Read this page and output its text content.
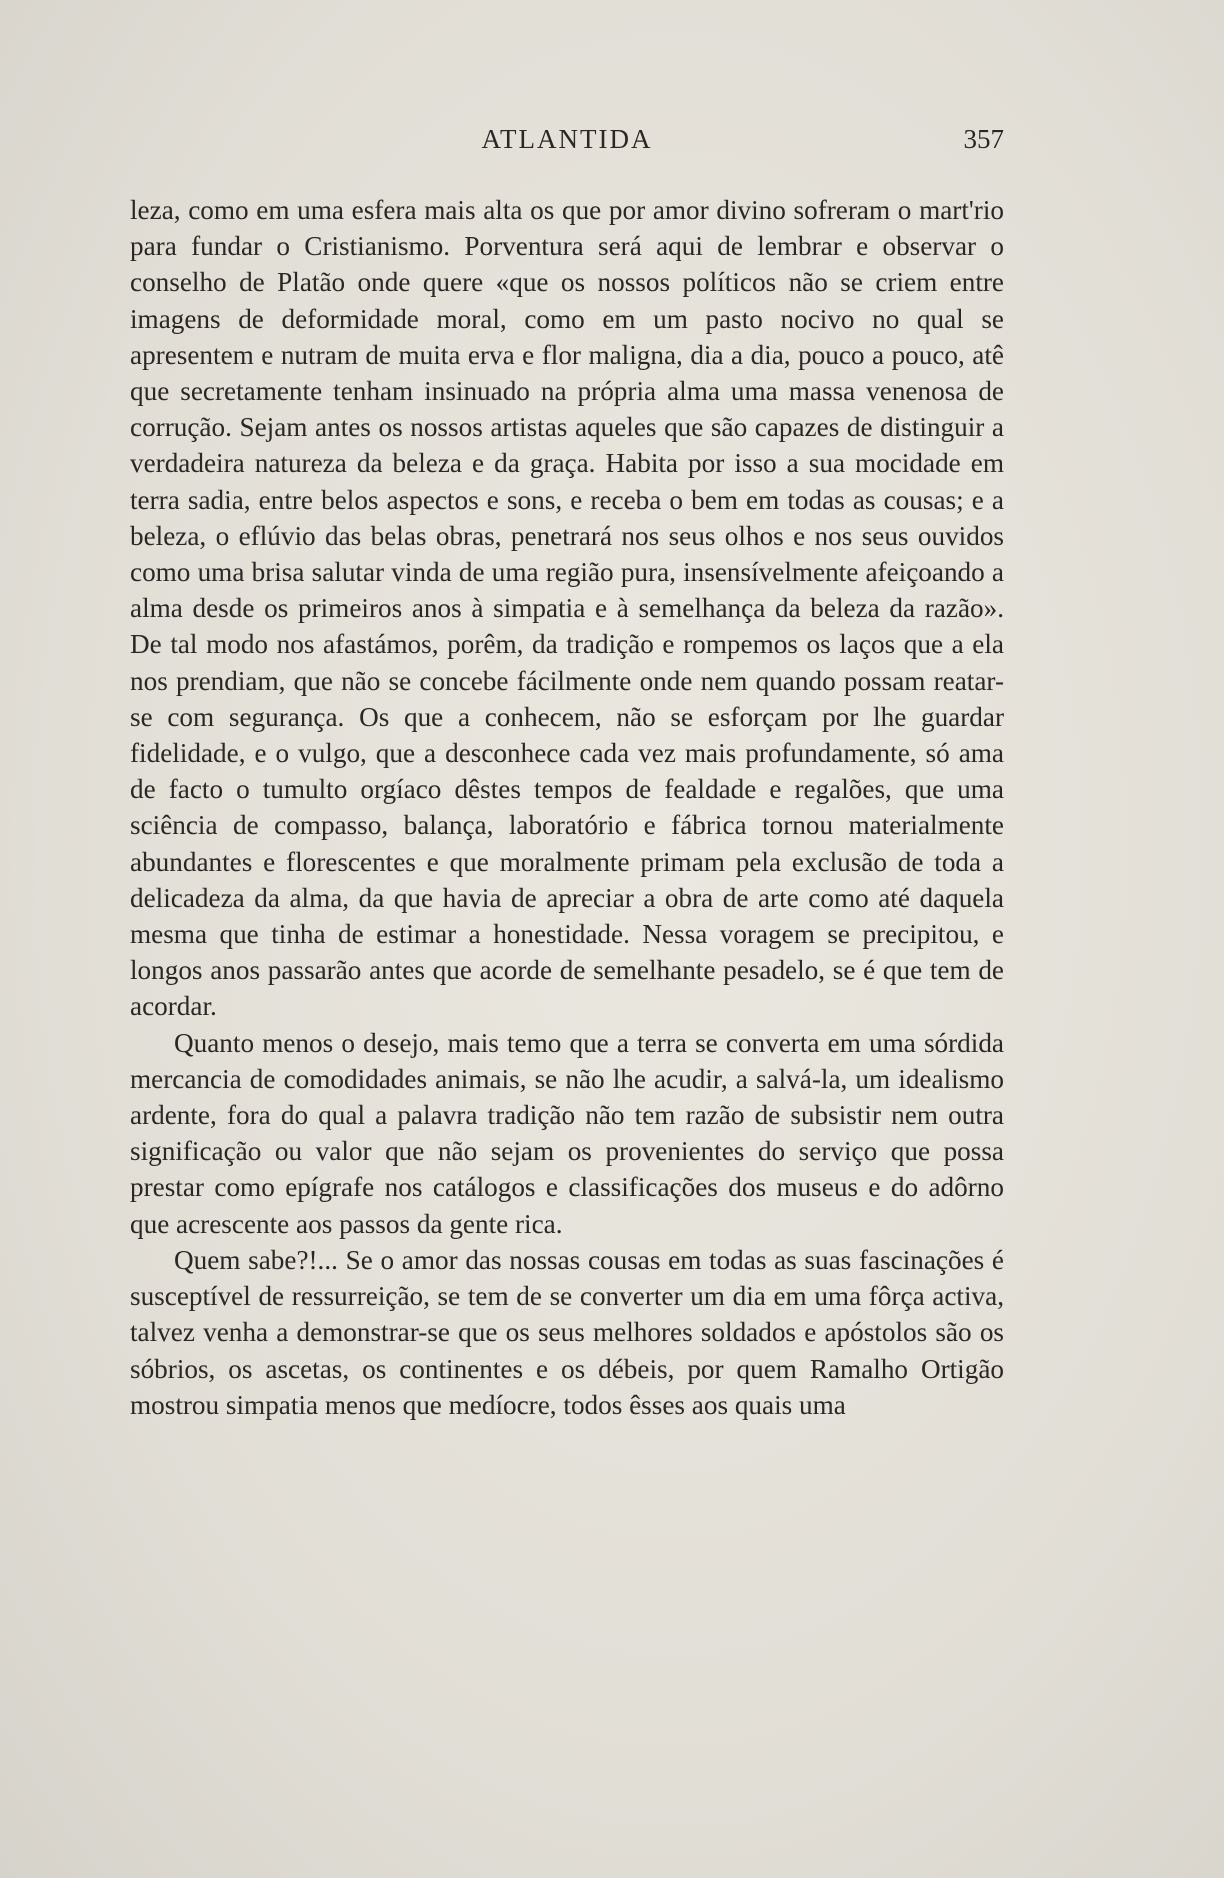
ATLANTIDA	357

leza, como em uma esfera mais alta os que por amor divino sofreram o mart'rio para fundar o Cristianismo. Porventura será aqui de lembrar e observar o conselho de Platão onde quere «que os nossos políticos não se criem entre imagens de deformidade moral, como em um pasto nocivo no qual se apresentem e nutram de muita erva e flor maligna, dia a dia, pouco a pouco, atê que secretamente tenham insinuado na própria alma uma massa venenosa de corrução. Sejam antes os nossos artistas aqueles que são capazes de distinguir a verdadeira natureza da beleza e da graça. Habita por isso a sua mocidade em terra sadia, entre belos aspectos e sons, e receba o bem em todas as cousas; e a beleza, o eflúvio das belas obras, penetrará nos seus olhos e nos seus ouvidos como uma brisa salutar vinda de uma região pura, insensívelmente afeiçoando a alma desde os primeiros anos à simpatia e à semelhança da beleza da razão». De tal modo nos afastámos, porêm, da tradição e rompemos os laços que a ela nos prendiam, que não se concebe fácilmente onde nem quando possam reatar-se com segurança. Os que a conhecem, não se esforçam por lhe guardar fidelidade, e o vulgo, que a desconhece cada vez mais profundamente, só ama de facto o tumulto orgíaco dêstes tempos de fealdade e regalões, que uma sciência de compasso, balança, laboratório e fábrica tornou materialmente abundantes e florescentes e que moralmente primam pela exclusão de toda a delicadeza da alma, da que havia de apreciar a obra de arte como até daquela mesma que tinha de estimar a honestidade. Nessa voragem se precipitou, e longos anos passarão antes que acorde de semelhante pesadelo, se é que tem de acordar.

Quanto menos o desejo, mais temo que a terra se converta em uma sórdida mercancia de comodidades animais, se não lhe acudir, a salvá-la, um idealismo ardente, fora do qual a palavra tradição não tem razão de subsistir nem outra significação ou valor que não sejam os provenientes do serviço que possa prestar como epígrafe nos catálogos e classificações dos museus e do adôrno que acrescente aos passos da gente rica.

Quem sabe?!... Se o amor das nossas cousas em todas as suas fascinações é susceptível de ressurreição, se tem de se converter um dia em uma fôrça activa, talvez venha a demonstrar-se que os seus melhores soldados e apóstolos são os sóbrios, os ascetas, os continentes e os débeis, por quem Ramalho Ortigão mostrou simpatia menos que medíocre, todos êsses aos quais uma
